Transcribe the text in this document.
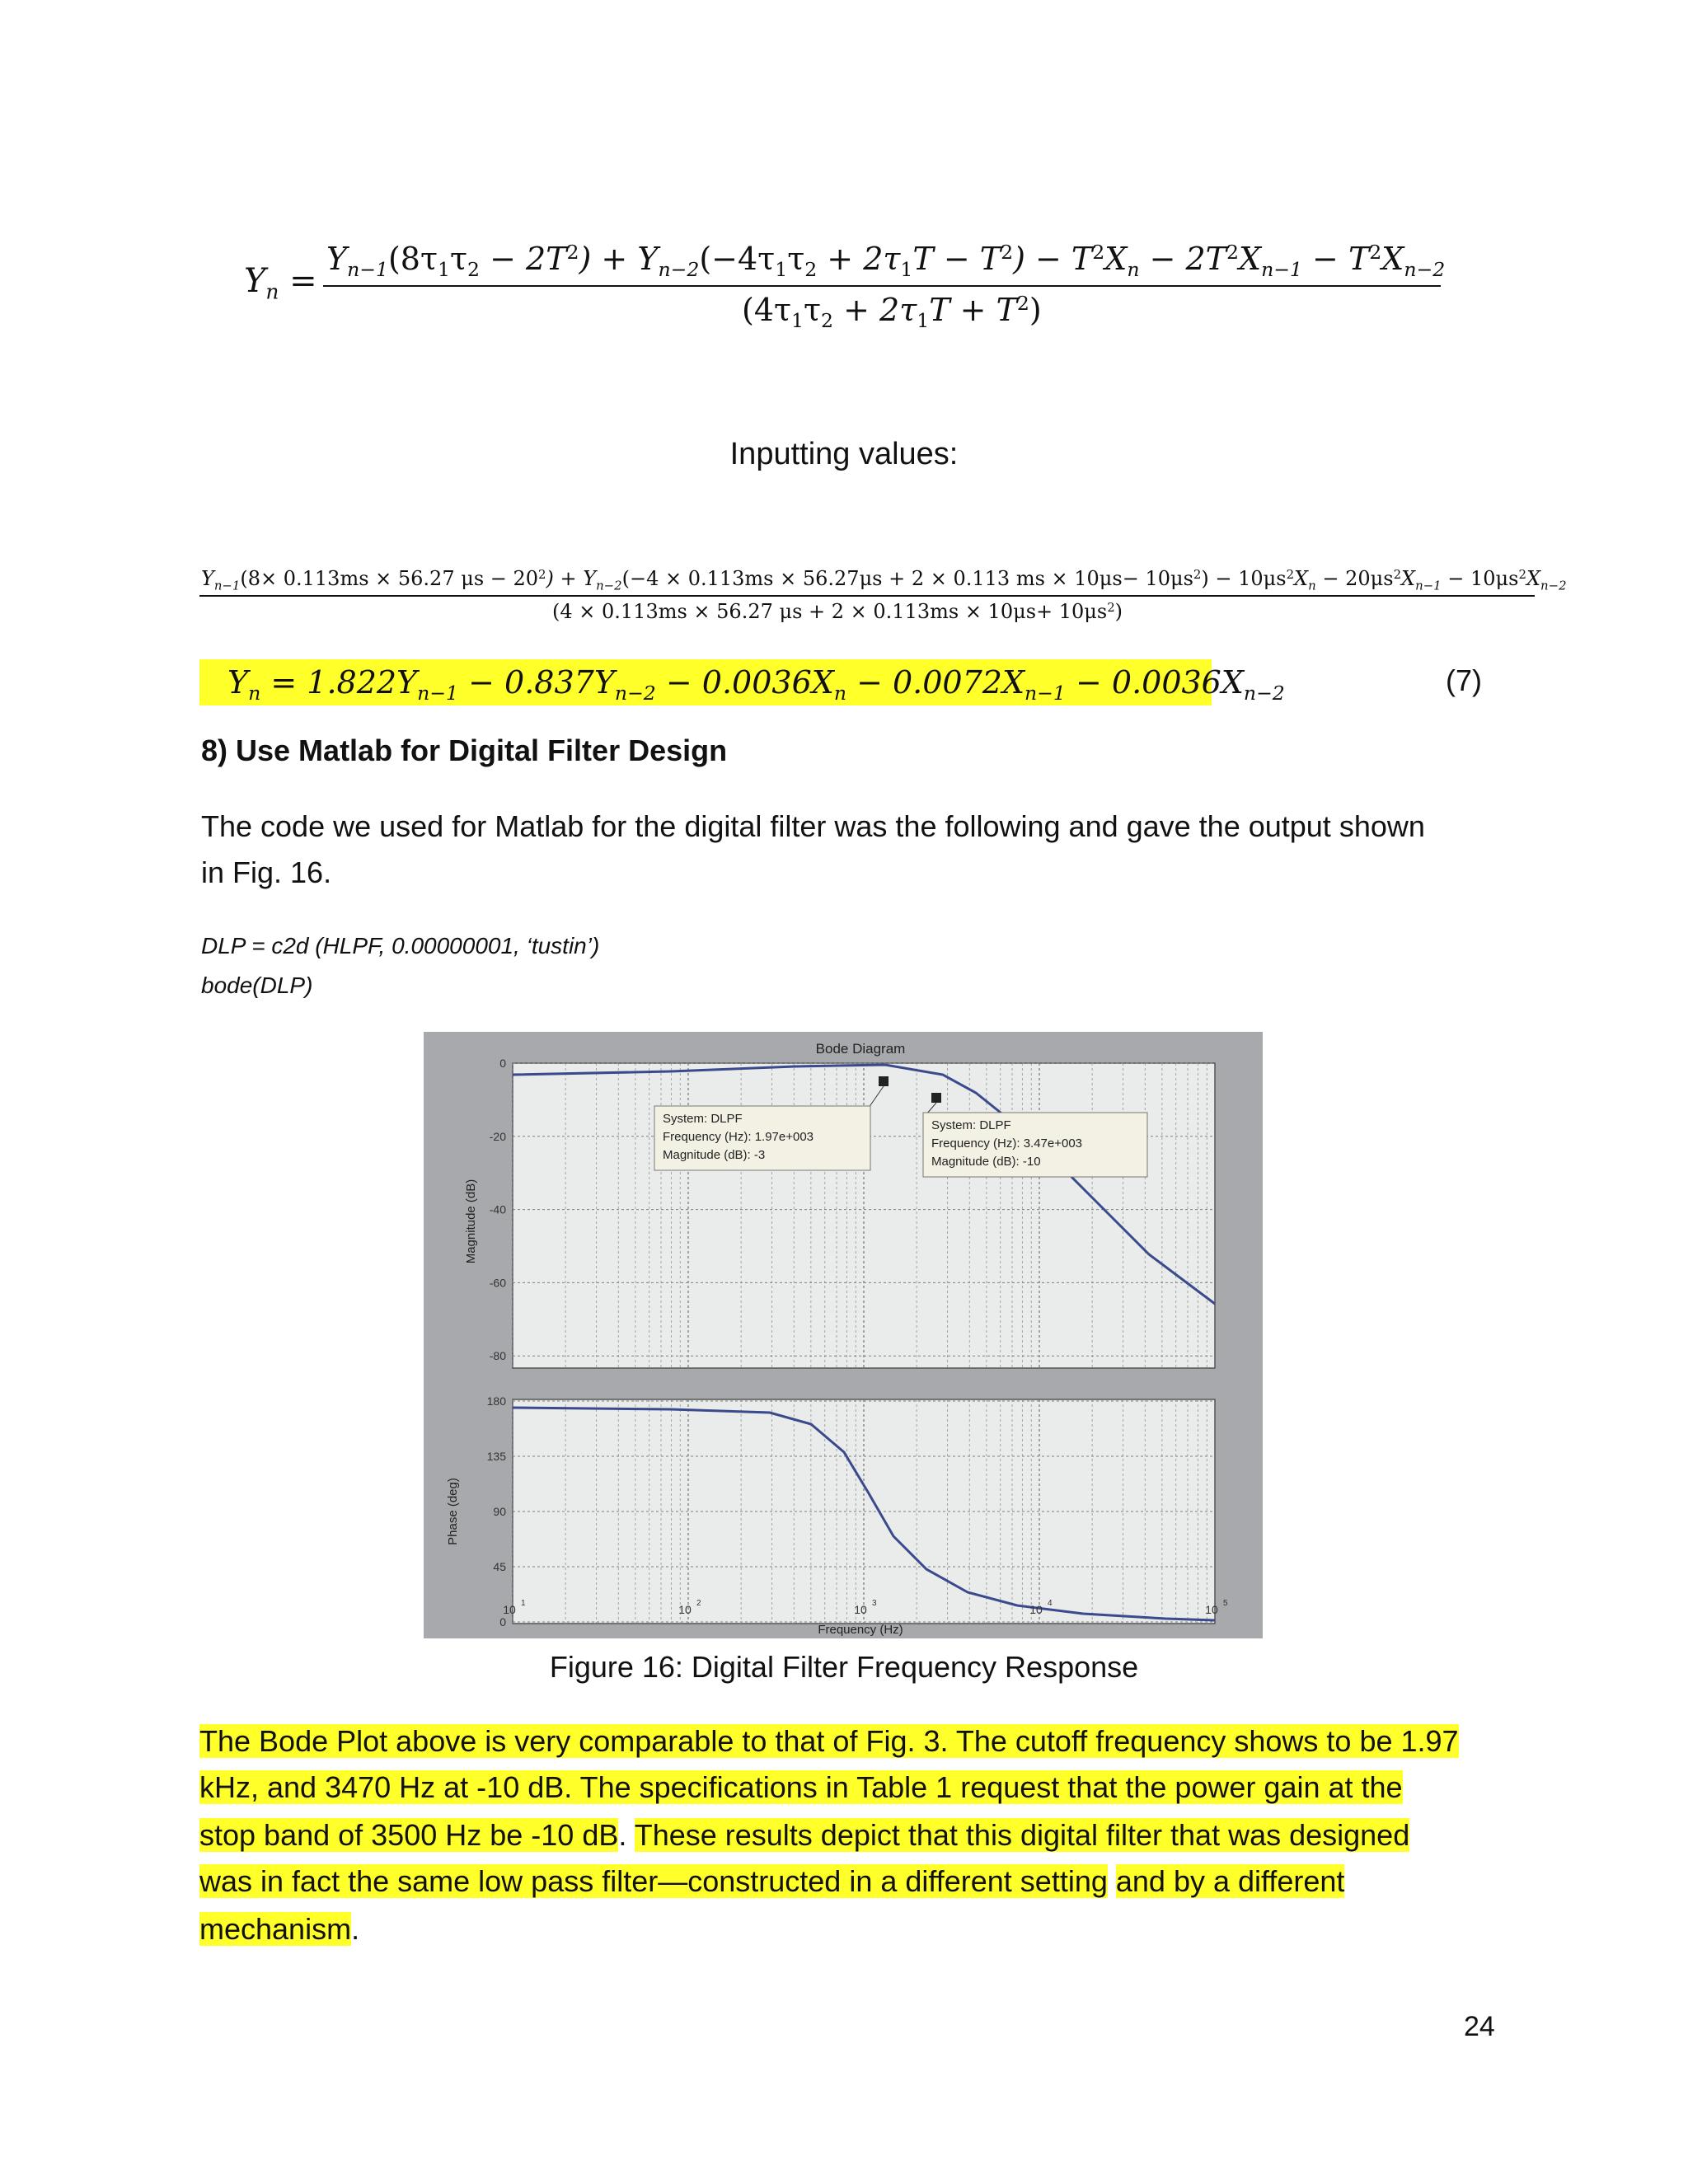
$Y_n$ =
$Y_{n-1}(8\tau_1\tau_2 - 2T^2) + Y_{n-2}(-4\tau_1\tau_2 + 2\tau_1T - T^2) - T^2X_n - 2T^2X_{n-1} - T^2X_{n-2}$
$(4\tau_1\tau_2 + 2\tau_1T + T^2)$
Inputting values:
$Y_{n-1}(8\times 0.113ms \times 56.27$ $\mu s - 20^2) + Y_{n-2}(-4 \times 0.113ms \times 56.27\mu s + 2 \times 0.113$ ms × $10\mu s- 10\mu s^2) - 10\mu s^2X_n - 20\mu s^2X_{n-1} - 10\mu s^2X_{n-2}$
(4 × 0.113ms × 56.27 $\mu s + 2 \times 0.113ms \times 10\mu s+ 10\mu s^2$)
$Y_n = 1.822Y_{n-1} - 0.837Y_{n-2} - 0.0036X_n - 0.0072X_{n-1} - 0.0036X_{n-2}$	(7)
8) Use Matlab for Digital Filter Design
The code we used for Matlab for the digital filter was the following and gave the output shown
in Fig. 16.
DLP = c2d (HLPF, 0.00000001, ‘tustin’)
bode(DLP)
Bode Diagram
System: DLPF
Frequency (Hz): 1.97e+003
Magnitude (dB): -3
System: DLPF
Frequency (Hz): 3.47e+003
Magnitude (dB): -10
Magnitude (dB)
Phase (deg)
0
-20
-40
-60
-80
180
135
90
45
0
10 1	10 2	10 3	10 4	10 5
Frequency (Hz)
Figure 16: Digital Filter Frequency Response
The Bode Plot above is very comparable to that of Fig. 3. The cutoff frequency shows to be 1.97
kHz, and 3470 Hz at -10 dB. The specifications in Table 1 request that the power gain at the
stop band of 3500 Hz be -10 dB. These results depict that this digital filter that was designed
was in fact the same low pass filter—constructed in a different setting and by a different
mechanism.
24
